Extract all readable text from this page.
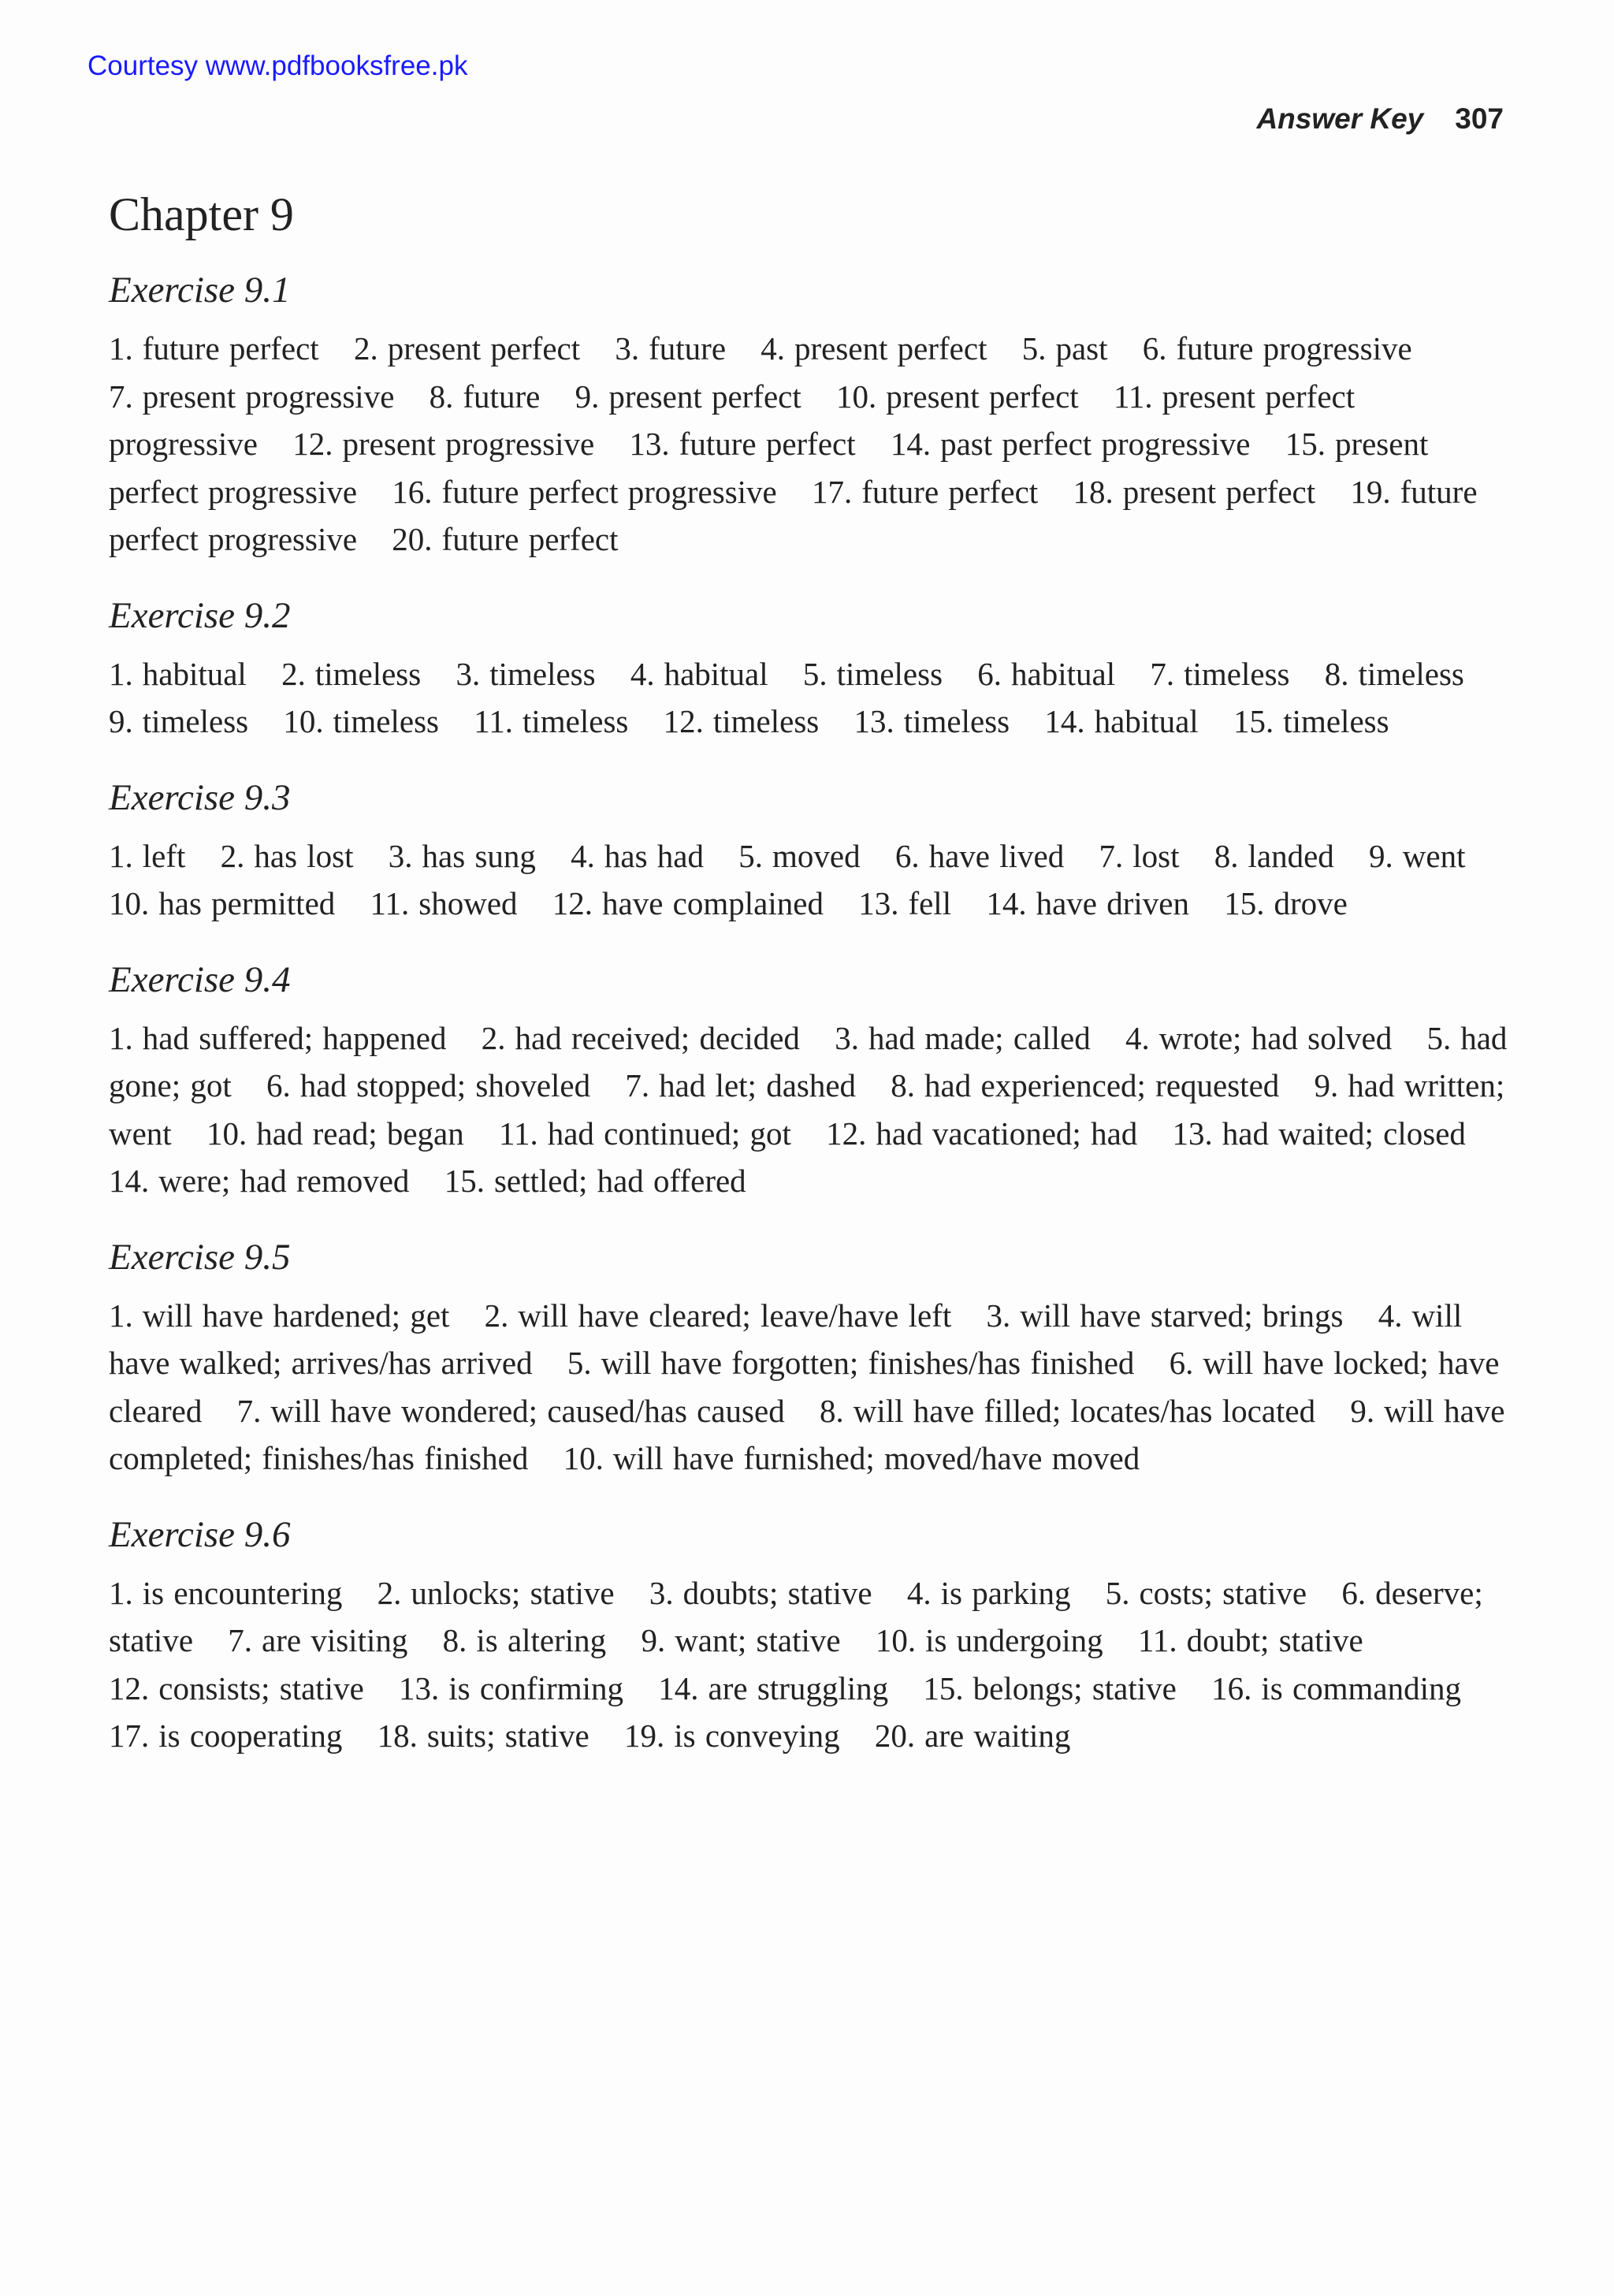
Courtesy www.pdfbooksfree.pk
Answer Key 307
Chapter 9
Exercise 9.1

1. future perfect 2. present perfect 3. future 4. present perfect 5. past 6. future progressive 7. present progressive 8. future 9. present perfect 10. present perfect 11. present perfect progressive 12. present progressive 13. future perfect 14. past perfect progressive 15. present perfect progressive 16. future perfect progressive 17. future perfect 18. present perfect 19. future perfect progressive 20. future perfect

Exercise 9.2

1. habitual 2. timeless 3. timeless 4. habitual 5. timeless 6. habitual 7. timeless 8. timeless 9. timeless 10. timeless 11. timeless 12. timeless 13. timeless 14. habitual 15. timeless

Exercise 9.3

1. left 2. has lost 3. has sung 4. has had 5. moved 6. have lived 7. lost 8. landed 9. went 10. has permitted 11. showed 12. have complained 13. fell 14. have driven 15. drove

Exercise 9.4

1. had suffered; happened 2. had received; decided 3. had made; called 4. wrote; had solved 5. had gone; got 6. had stopped; shoveled 7. had let; dashed 8. had experienced; requested 9. had written; went 10. had read; began 11. had continued; got 12. had vacationed; had 13. had waited; closed 14. were; had removed 15. settled; had offered

Exercise 9.5

1. will have hardened; get 2. will have cleared; leave/have left 3. will have starved; brings 4. will have walked; arrives/has arrived 5. will have forgotten; finishes/has finished 6. will have locked; have cleared 7. will have wondered; caused/has caused 8. will have filled; locates/has located 9. will have completed; finishes/has finished 10. will have furnished; moved/have moved

Exercise 9.6

1. is encountering 2. unlocks; stative 3. doubts; stative 4. is parking 5. costs; stative 6. deserve; stative 7. are visiting 8. is altering 9. want; stative 10. is undergoing 11. doubt; stative 12. consists; stative 13. is confirming 14. are struggling 15. belongs; stative 16. is commanding 17. is cooperating 18. suits; stative 19. is conveying 20. are waiting
